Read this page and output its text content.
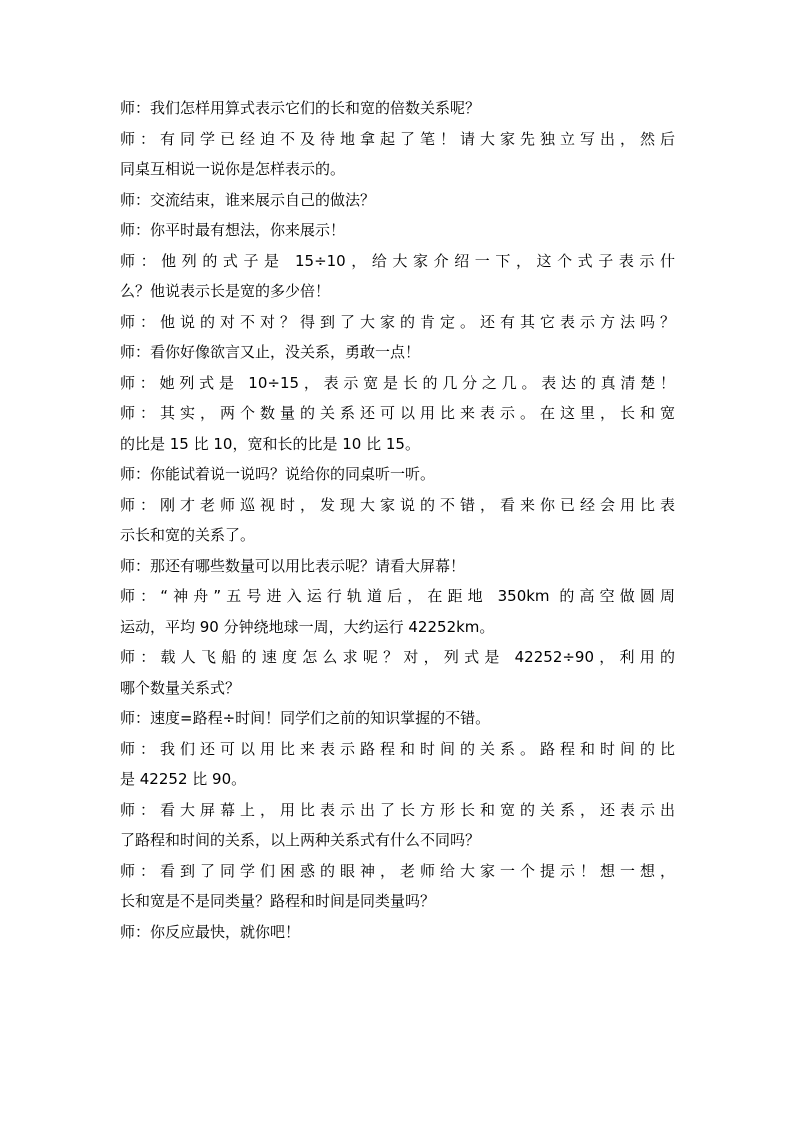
师：我们怎样用算式表示它们的长和宽的倍数关系呢？
师：有同学已经迫不及待地拿起了笔！请大家先独立写出，然后
同桌互相说一说你是怎样表示的。
师：交流结束，谁来展示自己的做法？
师：你平时最有想法，你来展示！
师：他列的式子是 15÷10，给大家介绍一下，这个式子表示什
么？他说表示长是宽的多少倍！
师：他说的对不对？得到了大家的肯定。还有其它表示方法吗？
师：看你好像欲言又止，没关系，勇敢一点！
师：她列式是 10÷15，表示宽是长的几分之几。表达的真清楚！
师：其实，两个数量的关系还可以用比来表示。在这里，长和宽
的比是 15 比 10，宽和长的比是 10 比 15。
师：你能试着说一说吗？说给你的同桌听一听。
师：刚才老师巡视时，发现大家说的不错，看来你已经会用比表
示长和宽的关系了。
师：那还有哪些数量可以用比表示呢？请看大屏幕！
师：“神舟”五号进入运行轨道后，在距地 350km 的高空做圆周
运动，平均 90 分钟绕地球一周，大约运行 42252km。
师：载人飞船的速度怎么求呢？对，列式是 42252÷90，利用的
哪个数量关系式？
师：速度=路程÷时间！同学们之前的知识掌握的不错。
师：我们还可以用比来表示路程和时间的关系。路程和时间的比
是 42252 比 90。
师：看大屏幕上，用比表示出了长方形长和宽的关系，还表示出
了路程和时间的关系，以上两种关系式有什么不同吗？
师：看到了同学们困惑的眼神，老师给大家一个提示！想一想，
长和宽是不是同类量？路程和时间是同类量吗？
师：你反应最快，就你吧！
